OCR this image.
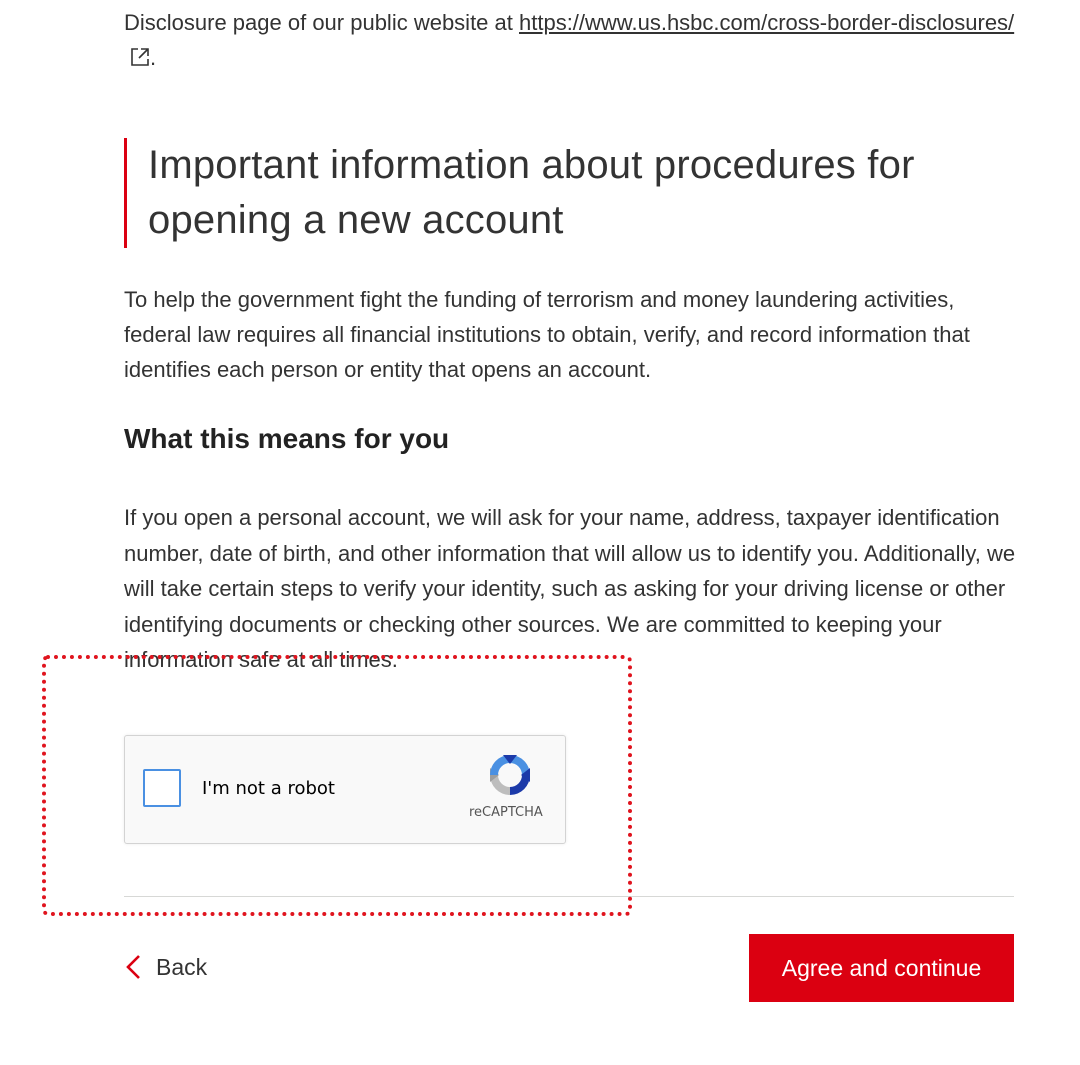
Disclosure page of our public website at https://www.us.hsbc.com/cross-border-disclosures/.
Important information about procedures for opening a new account

To help the government fight the funding of terrorism and money laundering activities, federal law requires all financial institutions to obtain, verify, and record information that identifies each person or entity that opens an account.

What this means for you

If you open a personal account, we will ask for your name, address, taxpayer identification number, date of birth, and other information that will allow us to identify you. Additionally, we will take certain steps to verify your identity, such as asking for your driving license or other identifying documents or checking other sources. We are committed to keeping your information safe at all times.

I'm not a robot
reCAPTCHA
Back	Agree and continue
